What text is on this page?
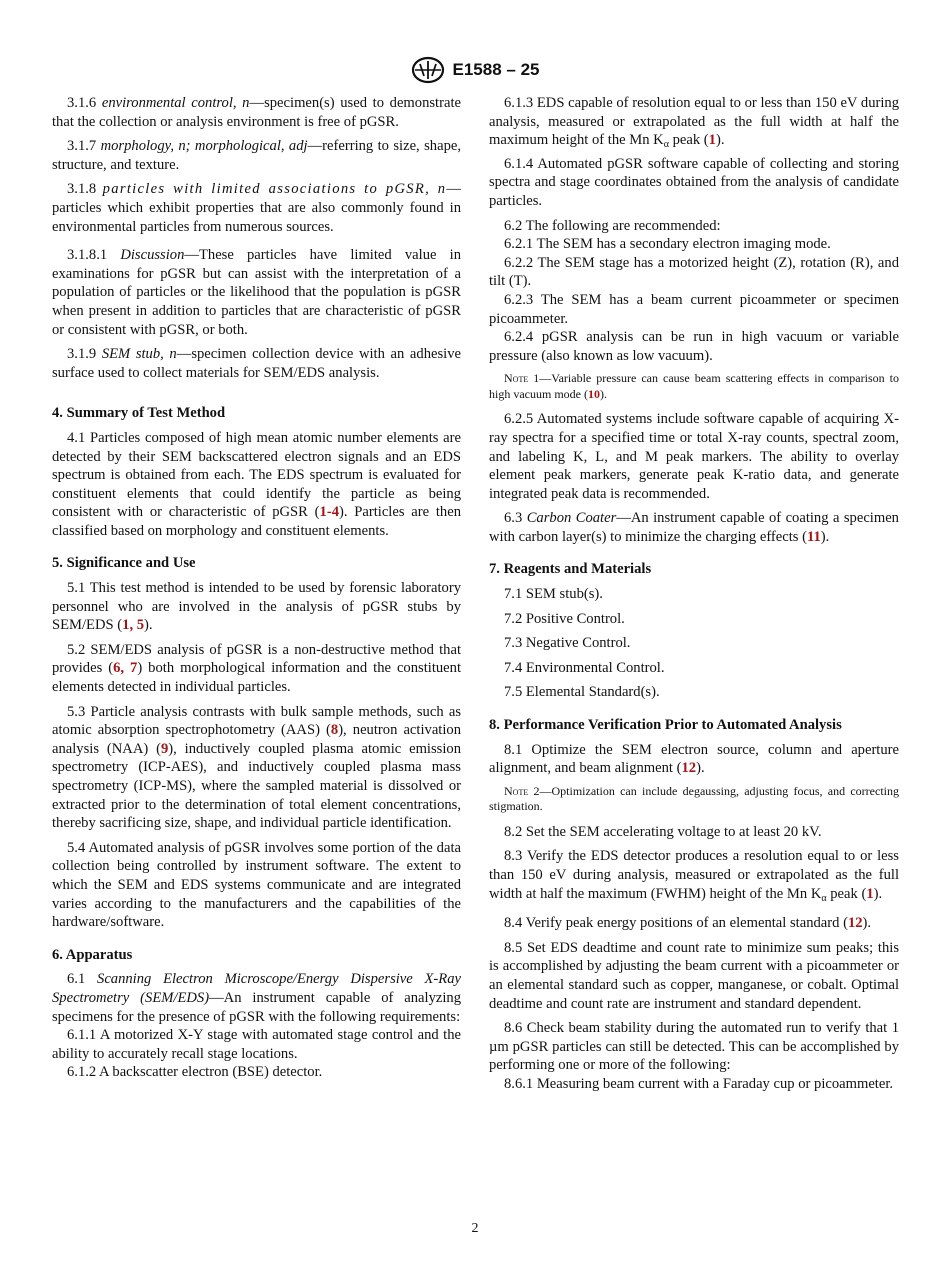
E1588 – 25

3.1.6 environmental control, n—specimen(s) used to demonstrate that the collection or analysis environment is free of pGSR.

3.1.7 morphology, n; morphological, adj—referring to size, shape, structure, and texture.

3.1.8 particles with limited associations to pGSR, n—particles which exhibit properties that are also commonly found in environmental particles from numerous sources.

3.1.8.1 Discussion—These particles have limited value in examinations for pGSR but can assist with the interpretation of a population of particles or the likelihood that the population is pGSR when present in addition to particles that are characteristic of pGSR or consistent with pGSR, or both.

3.1.9 SEM stub, n—specimen collection device with an adhesive surface used to collect materials for SEM/EDS analysis.

4. Summary of Test Method

4.1 Particles composed of high mean atomic number elements are detected by their SEM backscattered electron signals and an EDS spectrum is obtained from each. The EDS spectrum is evaluated for constituent elements that could identify the particle as being consistent with or characteristic of pGSR (1-4). Particles are then classified based on morphology and constituent elements.

5. Significance and Use

5.1 This test method is intended to be used by forensic laboratory personnel who are involved in the analysis of pGSR stubs by SEM/EDS (1, 5).

5.2 SEM/EDS analysis of pGSR is a non-destructive method that provides (6, 7) both morphological information and the constituent elements detected in individual particles.

5.3 Particle analysis contrasts with bulk sample methods, such as atomic absorption spectrophotometry (AAS) (8), neutron activation analysis (NAA) (9), inductively coupled plasma atomic emission spectrometry (ICP-AES), and inductively coupled plasma mass spectrometry (ICP-MS), where the sampled material is dissolved or extracted prior to the determination of total element concentrations, thereby sacrificing size, shape, and individual particle identification.

5.4 Automated analysis of pGSR involves some portion of the data collection being controlled by instrument software. The extent to which the SEM and EDS systems communicate and are integrated varies according to the manufacturers and the capabilities of the hardware/software.

6. Apparatus

6.1 Scanning Electron Microscope/Energy Dispersive X-Ray Spectrometry (SEM/EDS)—An instrument capable of analyzing specimens for the presence of pGSR with the following requirements:

6.1.1 A motorized X-Y stage with automated stage control and the ability to accurately recall stage locations.

6.1.2 A backscatter electron (BSE) detector.

6.1.3 EDS capable of resolution equal to or less than 150 eV during analysis, measured or extrapolated as the full width at half the maximum height of the Mn $K_\alpha$ peak (1).

6.1.4 Automated pGSR software capable of collecting and storing spectra and stage coordinates obtained from the analysis of candidate particles.

6.2 The following are recommended:

6.2.1 The SEM has a secondary electron imaging mode.

6.2.2 The SEM stage has a motorized height (Z), rotation (R), and tilt (T).

6.2.3 The SEM has a beam current picoammeter or specimen picoammeter.

6.2.4 pGSR analysis can be run in high vacuum or variable pressure (also known as low vacuum).

Note 1—Variable pressure can cause beam scattering effects in comparison to high vacuum mode (10).

6.2.5 Automated systems include software capable of acquiring X-ray spectra for a specified time or total X-ray counts, spectral zoom, and labeling K, L, and M peak markers. The ability to overlay element peak markers, generate peak K-ratio data, and generate integrated peak data is recommended.

6.3 Carbon Coater—An instrument capable of coating a specimen with carbon layer(s) to minimize the charging effects (11).

7. Reagents and Materials
7.1 SEM stub(s).
7.2 Positive Control.
7.3 Negative Control.
7.4 Environmental Control.
7.5 Elemental Standard(s).
8. Performance Verification Prior to Automated Analysis

8.1 Optimize the SEM electron source, column and aperture alignment, and beam alignment (12).

Note 2—Optimization can include degaussing, adjusting focus, and correcting stigmation.

8.2 Set the SEM accelerating voltage to at least 20 kV.

8.3 Verify the EDS detector produces a resolution equal to or less than 150 eV during analysis, measured or extrapolated as the full width at half the maximum (FWHM) height of the Mn $K_\alpha$ peak (1).

8.4 Verify peak energy positions of an elemental standard (12).

8.5 Set EDS deadtime and count rate to minimize sum peaks; this is accomplished by adjusting the beam current with a picoammeter or an elemental standard such as copper, manganese, or cobalt. Optimal deadtime and count rate are instrument and standard dependent.

8.6 Check beam stability during the automated run to verify that 1 µm pGSR particles can still be detected. This can be accomplished by performing one or more of the following:

8.6.1 Measuring beam current with a Faraday cup or picoammeter.

2
